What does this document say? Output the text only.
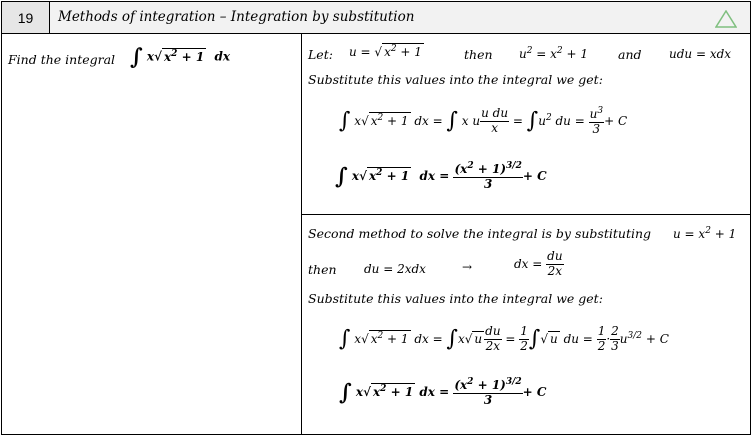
19	Methods of integration – Integration by substitution
Find the integral ∫ x√ $x^2 + 1$  dx	Let: u = √ $x^2 + 1$	then $u^2 = x^2 + 1$ and udu = xdx
Substitute this values into the integral we get:
∫ x√ $x^2 + 1$ dx = ∫ x u $\frac{\text{u du}}{x} = \int u^2$ du = $\frac{u^3}{3} + C$
∫ x√ $x^2 + 1$  dx = $\frac{(x^2 + 1)^{3/2}}{3} + C$
Second method to solve the integral is by substituting $u = x^2 + 1$
then du = 2xdx	→	dx = $\frac{du}{2x}$
Substitute this values into the integral we get:
∫ x√ $x^2 + 1$ dx = ∫x√ u $\frac{du}{2x} = \frac{1}{2}$ ∫√ u du = $\frac{1}{2} \cdot \frac{2}{3} u^{3/2} + C$
∫ x√ $x^2 + 1$ dx = $\frac{(x^2 + 1)^{3/2}}{3} + C$
